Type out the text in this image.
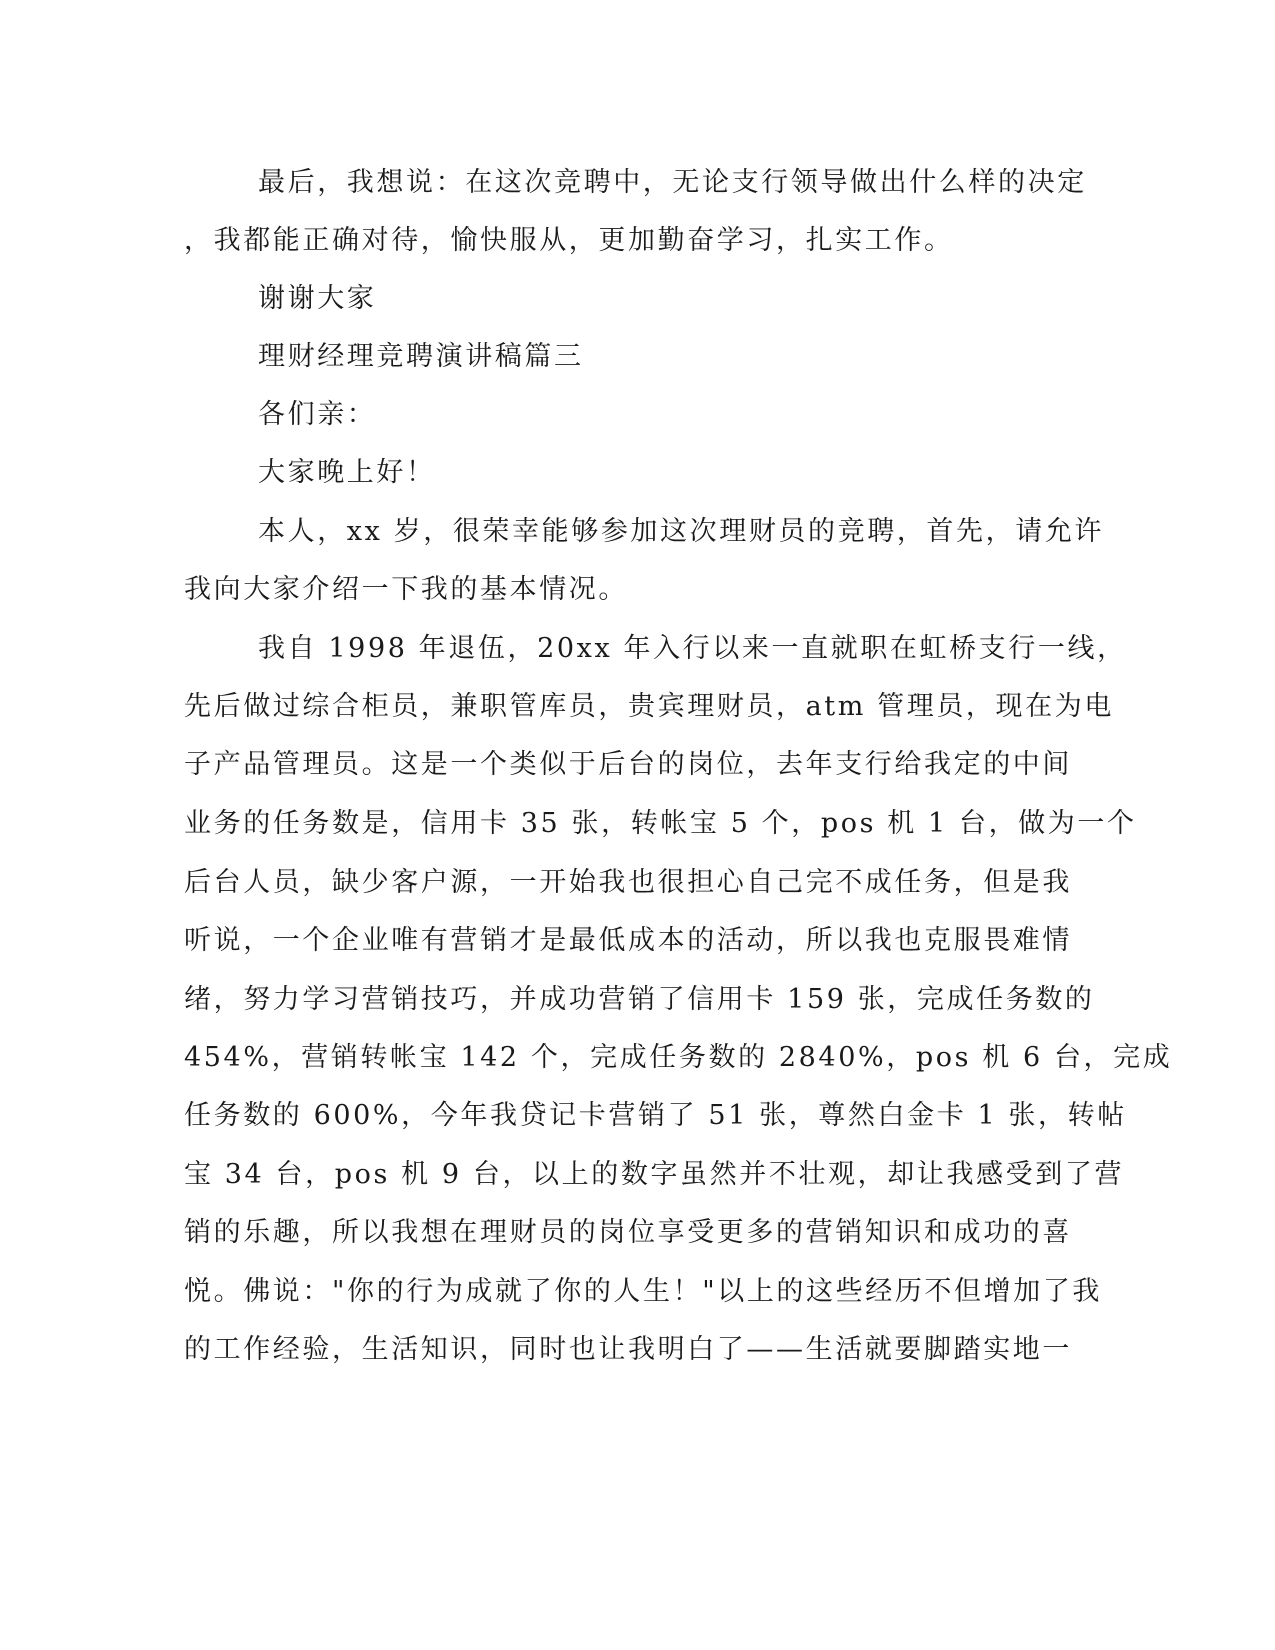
最后，我想说：在这次竞聘中，无论支行领导做出什么样的决定
，我都能正确对待，愉快服从，更加勤奋学习，扎实工作。
谢谢大家
理财经理竞聘演讲稿篇三
各们亲：
大家晚上好！
本人，xx 岁，很荣幸能够参加这次理财员的竞聘，首先，请允许
我向大家介绍一下我的基本情况。
我自 1998 年退伍，20xx 年入行以来一直就职在虹桥支行一线，
先后做过综合柜员，兼职管库员，贵宾理财员，atm 管理员，现在为电
子产品管理员。这是一个类似于后台的岗位，去年支行给我定的中间
业务的任务数是，信用卡 35 张，转帐宝 5 个，pos 机 1 台，做为一个
后台人员，缺少客户源，一开始我也很担心自己完不成任务，但是我
听说，一个企业唯有营销才是最低成本的活动，所以我也克服畏难情
绪，努力学习营销技巧，并成功营销了信用卡 159 张，完成任务数的
454%，营销转帐宝 142 个，完成任务数的 2840%，pos 机 6 台，完成
任务数的 600%，今年我贷记卡营销了 51 张，尊然白金卡 1 张，转帖
宝 34 台，pos 机 9 台，以上的数字虽然并不壮观，却让我感受到了营
销的乐趣，所以我想在理财员的岗位享受更多的营销知识和成功的喜
悦。佛说："你的行为成就了你的人生！"以上的这些经历不但增加了我
的工作经验，生活知识，同时也让我明白了——生活就要脚踏实地一
